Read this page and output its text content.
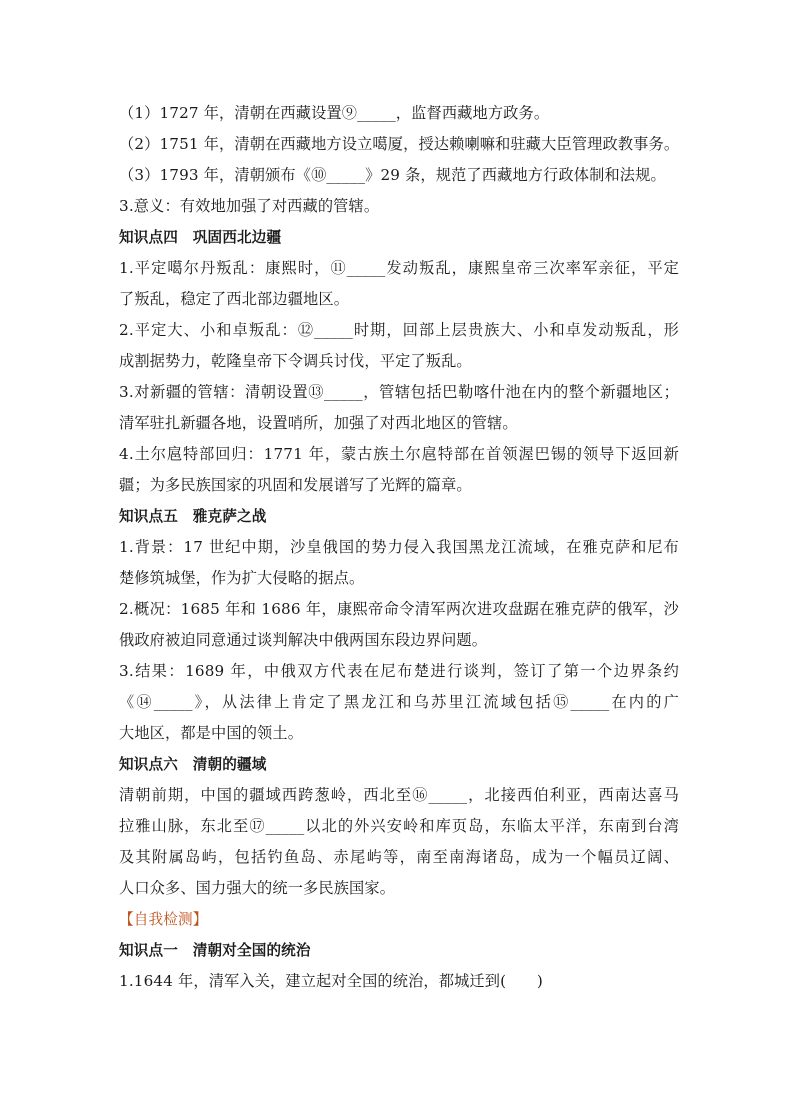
（1）1727 年，清朝在西藏设置⑨_____，监督西藏地方政务。
（2）1751 年，清朝在西藏地方设立噶厦，授达赖喇嘛和驻藏大臣管理政教事务。
（3）1793 年，清朝颁布《⑩_____》29 条，规范了西藏地方行政体制和法规。
3.意义：有效地加强了对西藏的管辖。
知识点四　巩固西北边疆
1.平定噶尔丹叛乱：康熙时，⑪_____发动叛乱，康熙皇帝三次率军亲征，平定
了叛乱，稳定了西北部边疆地区。
2.平定大、小和卓叛乱：⑫_____时期，回部上层贵族大、小和卓发动叛乱，形
成割据势力，乾隆皇帝下令调兵讨伐，平定了叛乱。
3.对新疆的管辖：清朝设置⑬_____，管辖包括巴勒喀什池在内的整个新疆地区；
清军驻扎新疆各地，设置哨所，加强了对西北地区的管辖。
4.土尔扈特部回归：1771 年，蒙古族土尔扈特部在首领渥巴锡的领导下返回新
疆；为多民族国家的巩固和发展谱写了光辉的篇章。
知识点五　雅克萨之战
1.背景：17 世纪中期，沙皇俄国的势力侵入我国黑龙江流域，在雅克萨和尼布
楚修筑城堡，作为扩大侵略的据点。
2.概况：1685 年和 1686 年，康熙帝命令清军两次进攻盘踞在雅克萨的俄军，沙
俄政府被迫同意通过谈判解决中俄两国东段边界问题。
3.结果：1689 年，中俄双方代表在尼布楚进行谈判，签订了第一个边界条约
《⑭_____》，从法律上肯定了黑龙江和乌苏里江流域包括⑮_____在内的广
大地区，都是中国的领土。
知识点六　清朝的疆域
清朝前期，中国的疆域西跨葱岭，西北至⑯_____，北接西伯利亚，西南达喜马
拉雅山脉，东北至⑰_____以北的外兴安岭和库页岛，东临太平洋，东南到台湾
及其附属岛屿，包括钓鱼岛、赤尾屿等，南至南海诸岛，成为一个幅员辽阔、
人口众多、国力强大的统一多民族国家。
【自我检测】
知识点一　清朝对全国的统治
1.1644 年，清军入关，建立起对全国的统治，都城迁到(　　)
